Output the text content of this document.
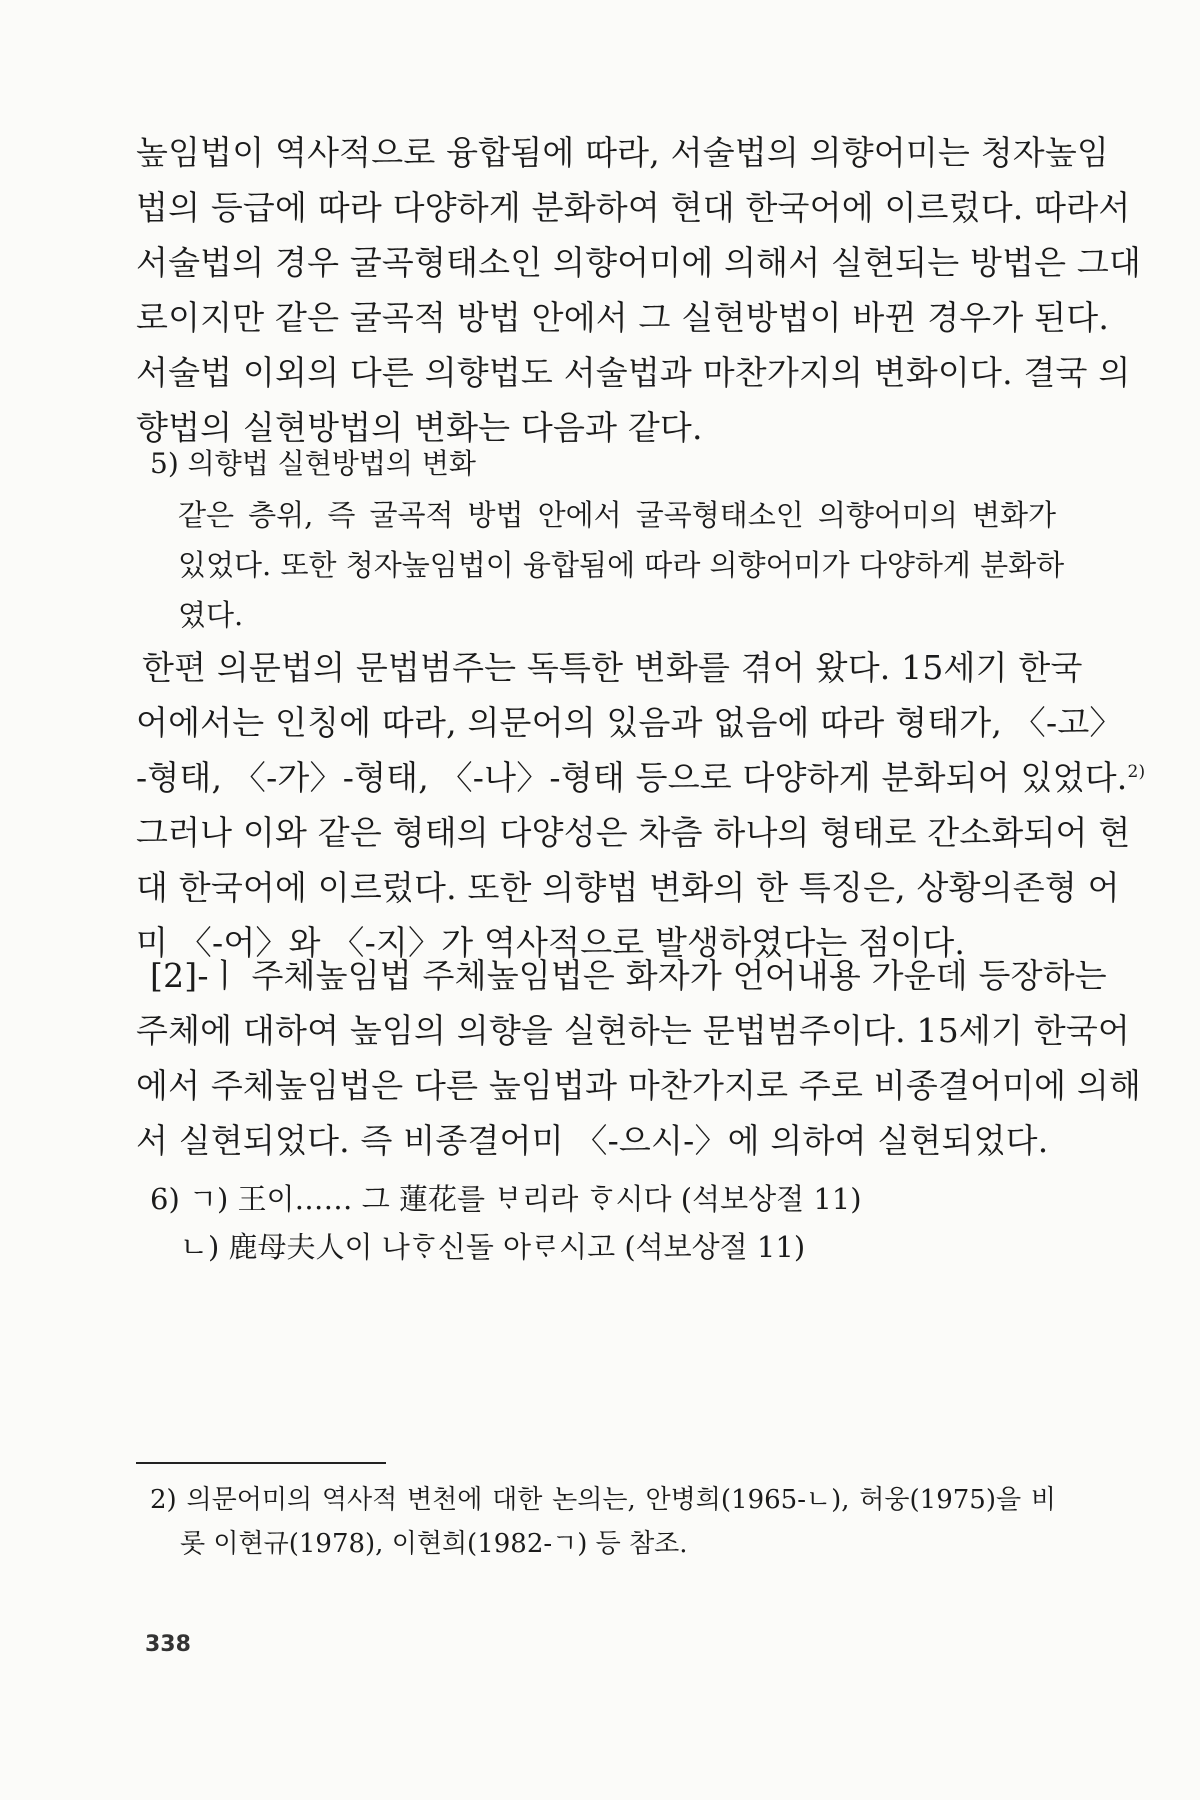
높임법이 역사적으로 융합됨에 따라, 서술법의 의향어미는 청자높임
법의 등급에 따라 다양하게 분화하여 현대 한국어에 이르렀다. 따라서
서술법의 경우 굴곡형태소인 의향어미에 의해서 실현되는 방법은 그대
로이지만 같은 굴곡적 방법 안에서 그 실현방법이 바뀐 경우가 된다.
서술법 이외의 다른 의향법도 서술법과 마찬가지의 변화이다. 결국 의
향법의 실현방법의 변화는 다음과 같다.
5) 의향법 실현방법의 변화
같은 층위, 즉 굴곡적 방법 안에서 굴곡형태소인 의향어미의 변화가
있었다. 또한 청자높임법이 융합됨에 따라 의향어미가 다양하게 분화하
였다.
한편 의문법의 문법범주는 독특한 변화를 겪어 왔다. 15세기 한국
어에서는 인칭에 따라, 의문어의 있음과 없음에 따라 형태가, 〈-고〉
-형태, 〈-가〉-형태, 〈-나〉-형태 등으로 다양하게 분화되어 있었다.$^{2)}$
그러나 이와 같은 형태의 다양성은 차츰 하나의 형태로 간소화되어 현
대 한국어에 이르렀다. 또한 의향법 변화의 한 특징은, 상황의존형 어
미 〈-어〉와 〈-지〉가 역사적으로 발생하였다는 점이다.
[2]-ㅣ 주체높임법 주체높임법은 화자가 언어내용 가운데 등장하는
주체에 대하여 높임의 의향을 실현하는 문법범주이다. 15세기 한국어
에서 주체높임법은 다른 높임법과 마찬가지로 주로 비종결어미에 의해
서 실현되었다. 즉 비종결어미 〈-으시-〉에 의하여 실현되었다.
6) ㄱ) 王이…… 그 蓮花를 ᄇᆞ리라 ᄒᆞ시다 (석보상절 11)
ㄴ) 鹿母夫人이 나ᄒᆞ신돌 아ᄅᆞ시고 (석보상절 11)
2) 의문어미의 역사적 변천에 대한 논의는, 안병희(1965-ㄴ), 허웅(1975)을 비
롯 이현규(1978), 이현희(1982-ㄱ) 등 참조.
338
